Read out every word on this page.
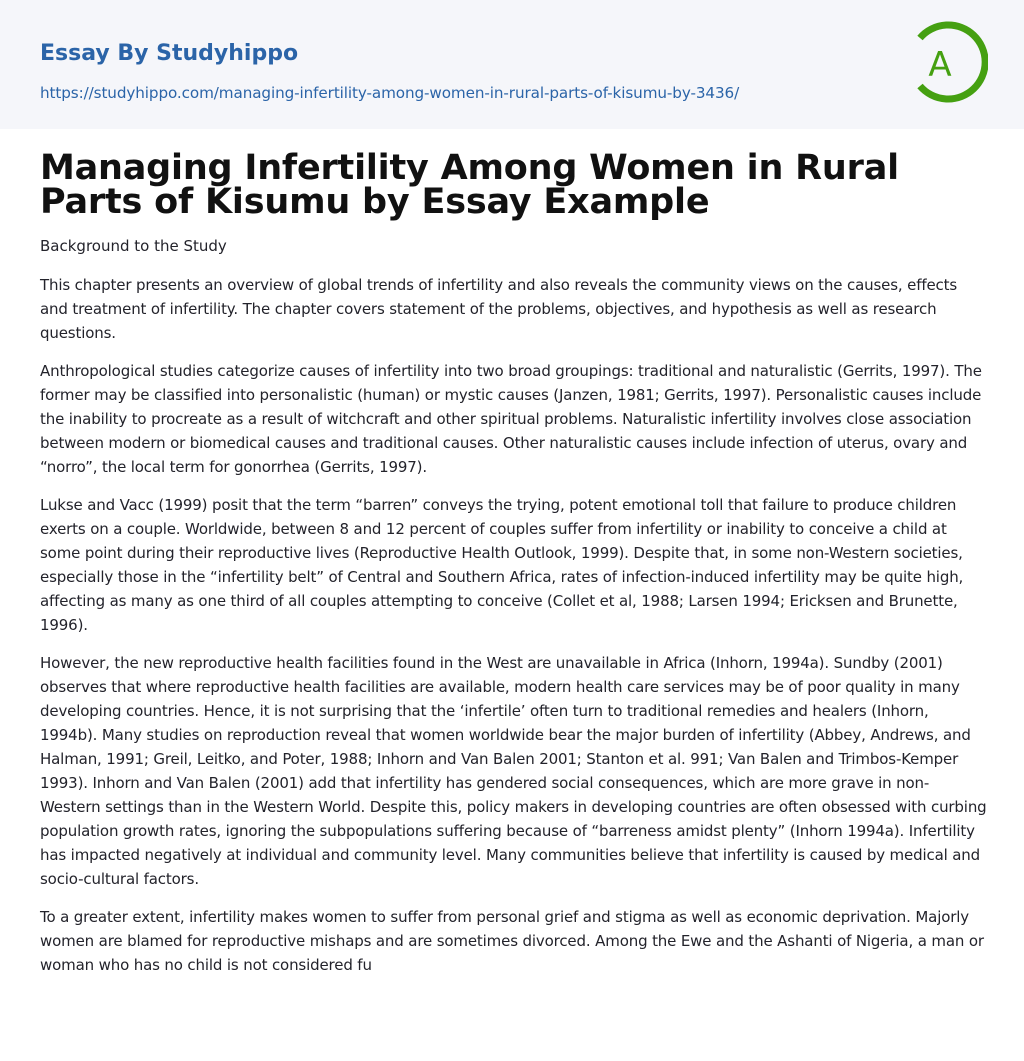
Essay By Studyhippo
https://studyhippo.com/managing-infertility-among-women-in-rural-parts-of-kisumu-by-3436/
A
Managing Infertility Among Women in Rural Parts of Kisumu by Essay Example
Background to the Study

This chapter presents an overview of global trends of infertility and also reveals the community views on the causes, effects and treatment of infertility. The chapter covers statement of the problems, objectives, and hypothesis as well as research questions.

Anthropological studies categorize causes of infertility into two broad groupings: traditional and naturalistic (Gerrits, 1997). The former may be classified into personalistic (human) or mystic causes (Janzen, 1981; Gerrits, 1997). Personalistic causes include the inability to procreate as a result of witchcraft and other spiritual problems. Naturalistic infertility involves close association between modern or biomedical causes and traditional causes. Other naturalistic causes include infection of uterus, ovary and “norro”, the local term for gonorrhea (Gerrits, 1997).

Lukse and Vacc (1999) posit that the term “barren” conveys the trying, potent emotional toll that failure to produce children exerts on a couple. Worldwide, between 8 and 12 percent of couples suffer from infertility or inability to conceive a child at some point during their reproductive lives (Reproductive Health Outlook, 1999). Despite that, in some non-Western societies, especially those in the “infertility belt” of Central and Southern Africa, rates of infection-induced infertility may be quite high, affecting as many as one third of all couples attempting to conceive (Collet et al, 1988; Larsen 1994; Ericksen and Brunette, 1996).

However, the new reproductive health facilities found in the West are unavailable in Africa (Inhorn, 1994a). Sundby (2001) observes that where reproductive health facilities are available, modern health care services may be of poor quality in many developing countries. Hence, it is not surprising that the ‘infertile’ often turn to traditional remedies and healers (Inhorn, 1994b). Many studies on reproduction reveal that women worldwide bear the major burden of infertility (Abbey, Andrews, and Halman, 1991; Greil, Leitko, and Poter, 1988; Inhorn and Van Balen 2001; Stanton et al. 991; Van Balen and Trimbos-Kemper 1993). Inhorn and Van Balen (2001) add that infertility has gendered social consequences, which are more grave in non-Western settings than in the Western World. Despite this, policy makers in developing countries are often obsessed with curbing population growth rates, ignoring the subpopulations suffering because of “barreness amidst plenty” (Inhorn 1994a). Infertility has impacted negatively at individual and community level. Many communities believe that infertility is caused by medical and socio-cultural factors.

To a greater extent, infertility makes women to suffer from personal grief and stigma as well as economic deprivation. Majorly women are blamed for reproductive mishaps and are sometimes divorced. Among the Ewe and the Ashanti of Nigeria, a man or woman who has no child is not considered fu
